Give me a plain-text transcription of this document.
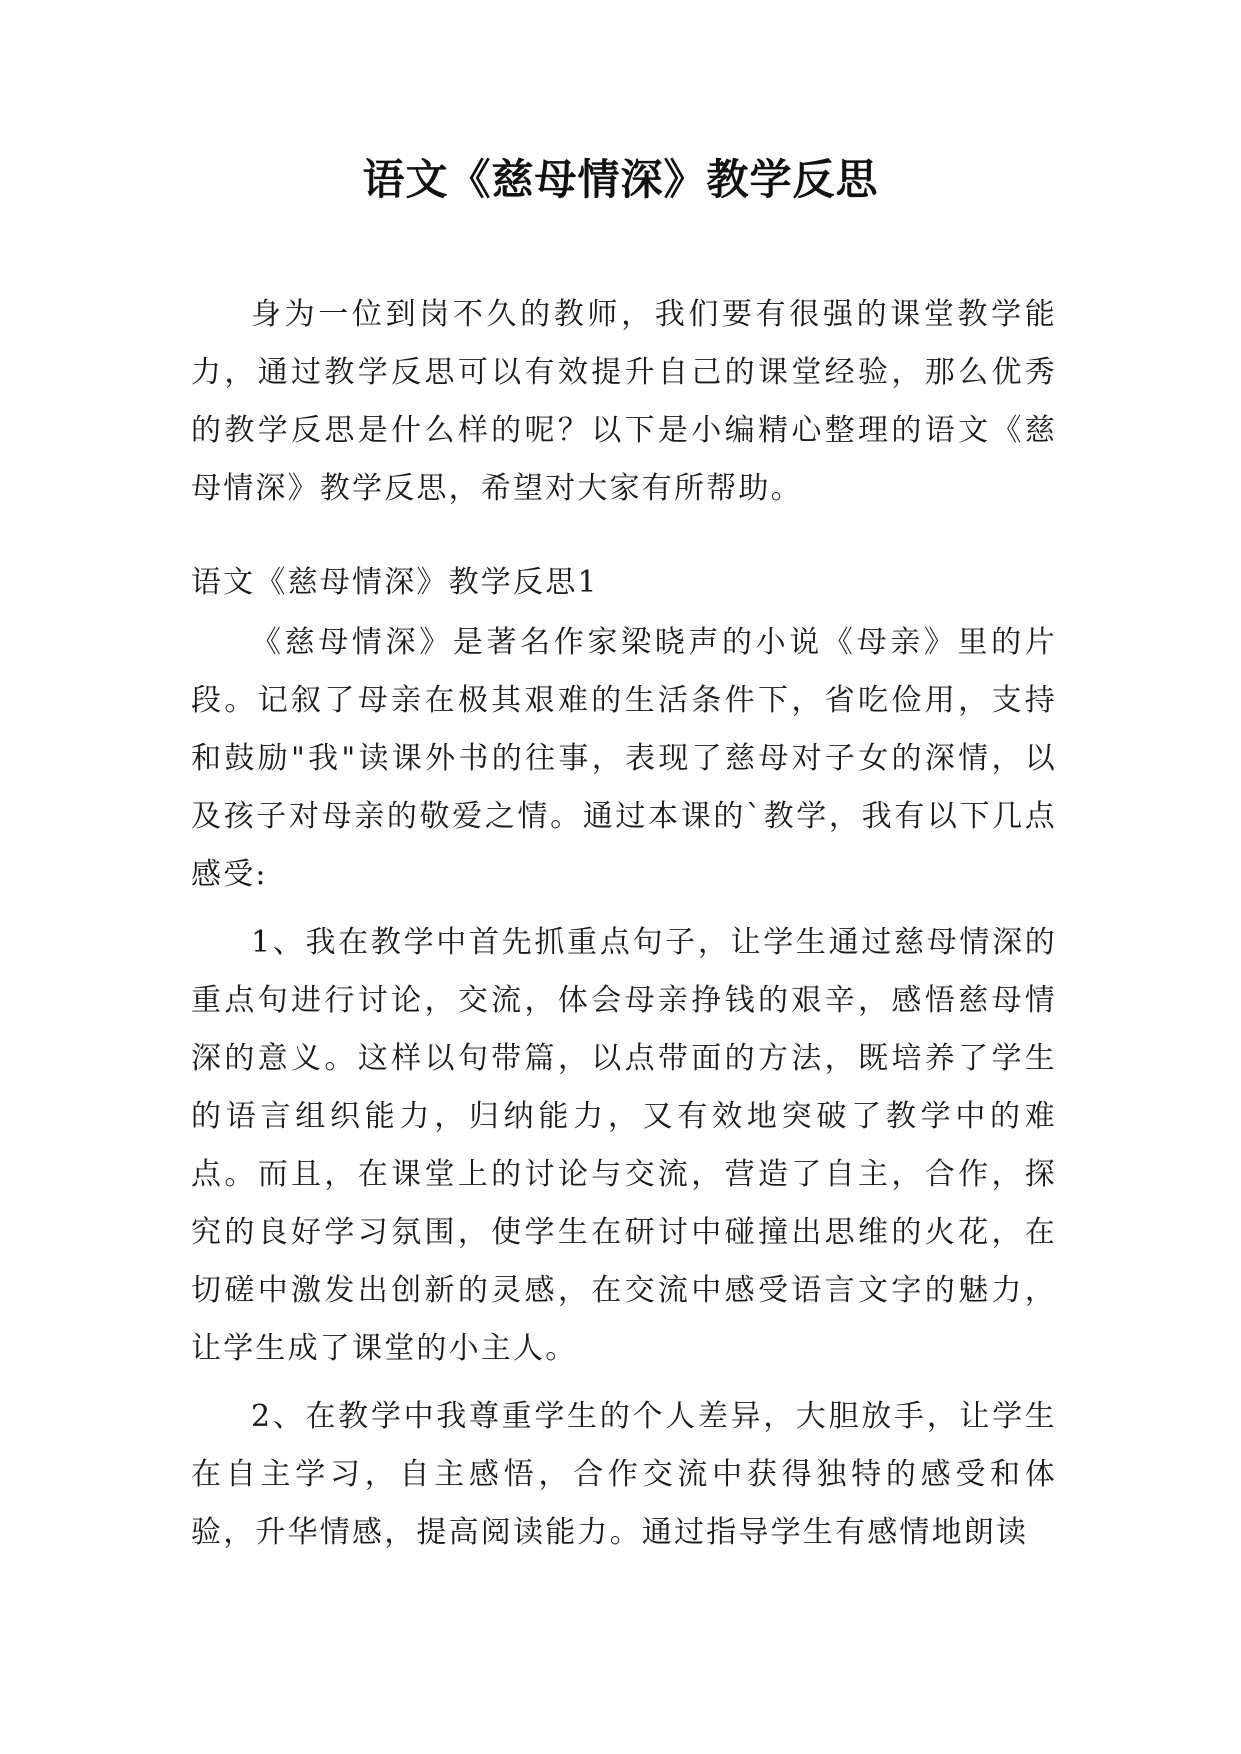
语文《慈母情深》教学反思

身为一位到岗不久的教师，我们要有很强的课堂教学能力，通过教学反思可以有效提升自己的课堂经验，那么优秀的教学反思是什么样的呢？以下是小编精心整理的语文《慈母情深》教学反思，希望对大家有所帮助。

语文《慈母情深》教学反思1

《慈母情深》是著名作家梁晓声的小说《母亲》里的片段。记叙了母亲在极其艰难的生活条件下，省吃俭用，支持和鼓励"我"读课外书的往事，表现了慈母对子女的深情，以及孩子对母亲的敬爱之情。通过本课的`教学，我有以下几点感受:

1、我在教学中首先抓重点句子，让学生通过慈母情深的重点句进行讨论，交流，体会母亲挣钱的艰辛，感悟慈母情深的意义。这样以句带篇，以点带面的方法，既培养了学生的语言组织能力，归纳能力，又有效地突破了教学中的难点。而且，在课堂上的讨论与交流，营造了自主，合作，探究的良好学习氛围，使学生在研讨中碰撞出思维的火花，在切磋中激发出创新的灵感，在交流中感受语言文字的魅力，让学生成了课堂的小主人。

2、在教学中我尊重学生的个人差异，大胆放手，让学生在自主学习，自主感悟，合作交流中获得独特的感受和体验，升华情感，提高阅读能力。通过指导学生有感情地朗读
